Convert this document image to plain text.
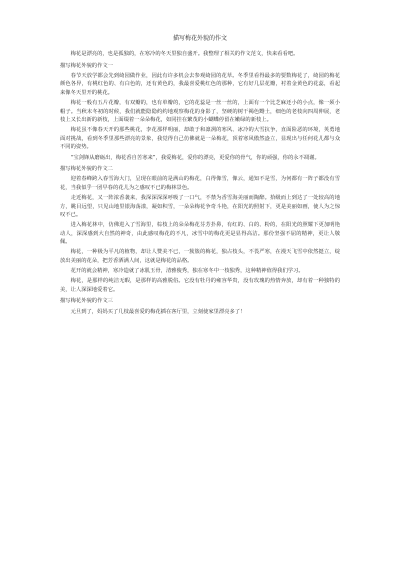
描写梅花外貌的作文

梅花是漂亮的，也是孤独的，在寒冷的冬天里独自盛开。我整理了相关的作文范文，快来看看吧。

描写梅花外貌的作文一

春节天放学都会先到绮园做作业，因此有许多机会去参观绮园的花草。冬季里看得最多的要数梅花了，绮园的梅花颜色各异，有桃红色的、有白色的，还有黄色的，我最喜爱桃红色的那种，它有好几层花瓣，衬着金黄色的花蕊，看起来像冬天里开的桃花。

梅花一般有五片花瓣，有双瓣的，也有单瓣的，它的花蕊是一丝一丝的，上面有一个比芝麻还小的小点，像一须小帽子。当秋末冬初的时候，我们就能隐隐约约地观察梅花的身影了，坚硬的树干褐色黝土，细色的老枝向四周伸展，老枝上又长出新的新枝，上面缀着一朵朵梅花，如同挂在繁茂的小蝴蝶停留在嫩绿的新枝上。

梅花虽不像春天开的那些桃花，李花那样明丽，却敢于和凛冽的寒风、冰冷的大雪抗争，直面险恶的环境，英勇地面对挑战，看到冬季里那些漂亮的景象，我觉得自己仿佛就是一朵梅花，顶着寒风傲然盎立，显现出与任何花儿都与众不同的姿势。

“宝剑锋从磨砺出，梅花香自苦寒来”，我爱梅花，爱你的漂亮，更爱你的骨气，你的顽强，你的永不凋谢。

描写梅花外貌的作文二

迎着春峰跨入春雪海大门，呈现在眼前的是满山的梅花，白得像雪，像云，通知不是雪，为何都有一阵子都没有雪花，当我似乎一团早春的花儿为之感叹不已的梅林景色。

走近梅花，又一阵浓香袭来，我深深深深呼吸了一口气，不禁为香雪海美丽而陶醉。拾级而上到达了一处较高的地方，眺目远望，只见山地里银海荡漾，凝如积雪，一朵朵梅花争奇斗艳，在阳光的照射下，更是美丽如画，使人为之惊叹不已。

进入梅花林中，仿佛进入了雪海里，棕枝上的朵朵梅花芬芳扑鼻，有红的、白的、粉的，在阳光的照耀下更加明艳动人，深深感到大自然的神奇，由此感叹梅花的不凡，冰雪中的梅花更是显得高洁。那份坚强不屈的精神，更让人敬佩。

梅花，一种极为平凡的植物，却让人赞美不已，一簇簇的梅花，独占枝头，不畏严寒，在漫天飞雪中依然挺立，绽放出美丽的花朵，把芳香洒满人间，这就是梅花的品格。

花开的就会精神，寒冷造就了冰肌玉骨，清雅俊秀，独在寒冬中一枝独秀，这种精神值得我们学习。

梅花，是那样的纯洁无暇，是那样的高雅脱俗。它没有牡丹的雍容华贵，没有玫瑰的热情奔放，却有着一种独特的美，让人深深地爱着它。

描写梅花外貌的作文三

元旦到了，妈妈买了几枝最喜爱的梅花插在客厅里，立刻使家里漂亮多了！
